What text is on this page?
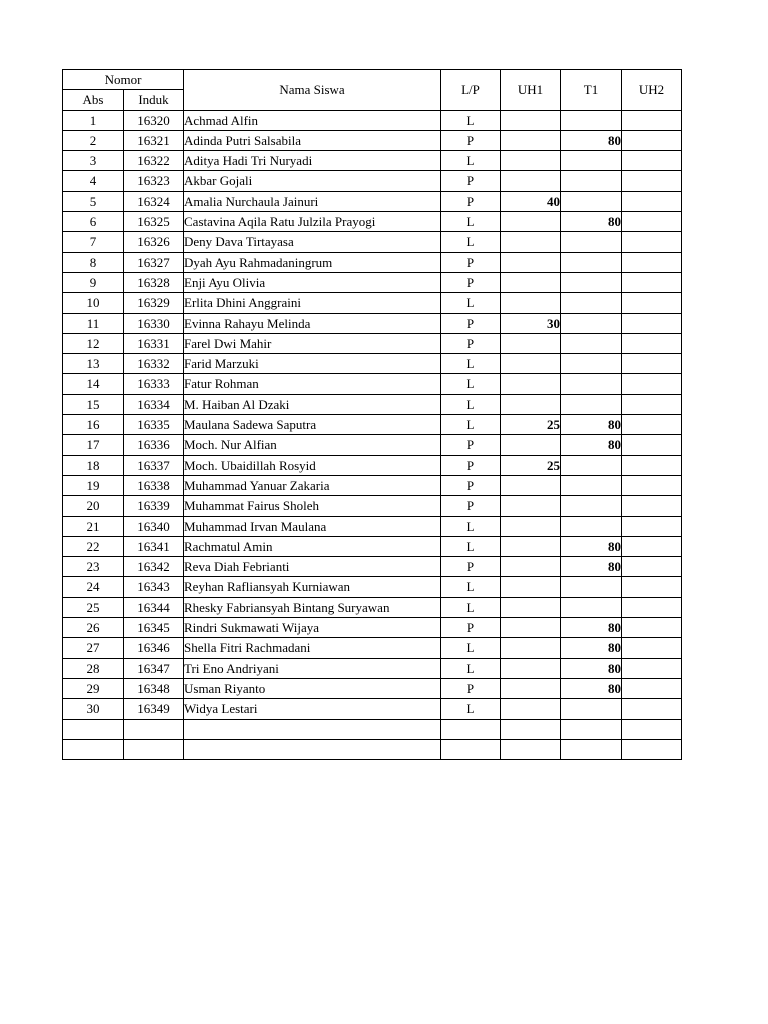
Nomor		Nama Siswa	L/P	UH1	T1	UH2
Abs	Induk					
1	16320	Achmad Alfin	L			
2	16321	Adinda Putri Salsabila	P		80	
3	16322	Aditya Hadi Tri Nuryadi	L			
4	16323	Akbar Gojali	P			
5	16324	Amalia Nurchaula Jainuri	P	40		
6	16325	Castavina Aqila Ratu Julzila Prayogi	L		80	
7	16326	Deny Dava Tirtayasa	L			
8	16327	Dyah Ayu Rahmadaningrum	P			
9	16328	Enji Ayu Olivia	P			
10	16329	Erlita Dhini Anggraini	L			
11	16330	Evinna Rahayu Melinda	P	30		
12	16331	Farel Dwi Mahir	P			
13	16332	Farid Marzuki	L			
14	16333	Fatur Rohman	L			
15	16334	M. Haiban Al Dzaki	L			
16	16335	Maulana Sadewa Saputra	L	25	80	
17	16336	Moch. Nur Alfian	P		80	
18	16337	Moch. Ubaidillah Rosyid	P	25		
19	16338	Muhammad Yanuar Zakaria	P			
20	16339	Muhammat Fairus Sholeh	P			
21	16340	Muhammad Irvan Maulana	L			
22	16341	Rachmatul Amin	L		80	
23	16342	Reva Diah Febrianti	P		80	
24	16343	Reyhan Rafliansyah Kurniawan	L			
25	16344	Rhesky Fabriansyah Bintang Suryawan	L			
26	16345	Rindri Sukmawati Wijaya	P		80	
27	16346	Shella Fitri Rachmadani	L		80	
28	16347	Tri Eno Andriyani	L		80	
29	16348	Usman Riyanto	P		80	
30	16349	Widya Lestari	L			
